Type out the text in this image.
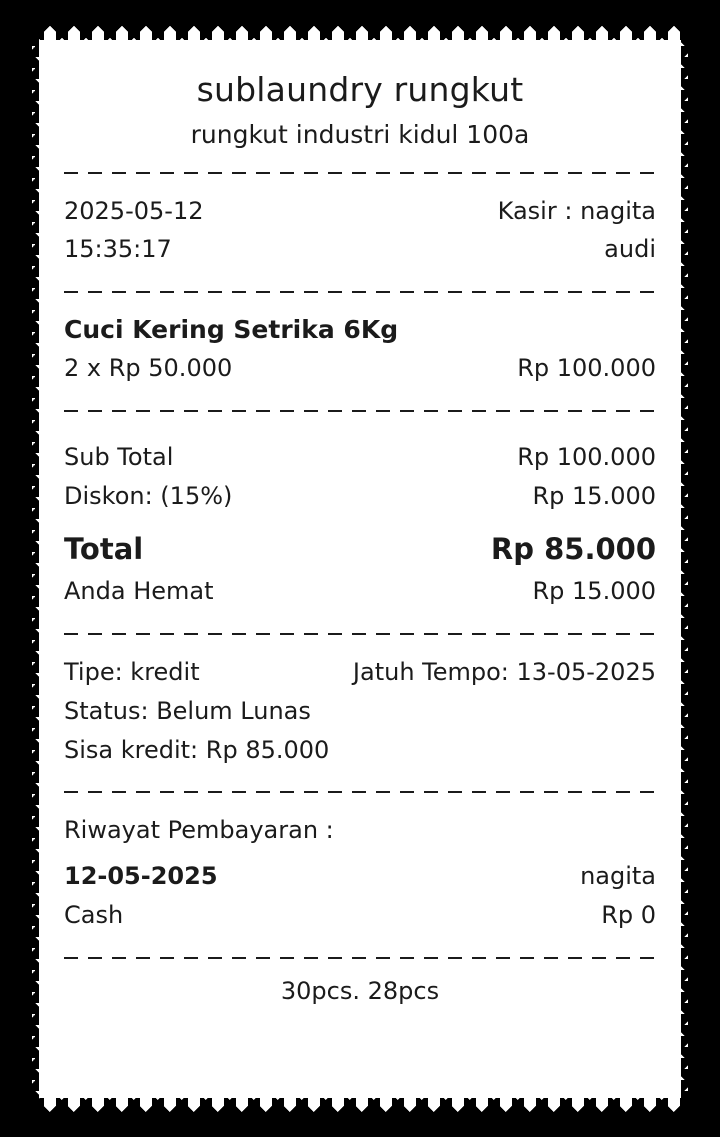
sublaundry rungkut
rungkut industri kidul 100a
2025-05-12	Kasir : nagita
15:35:17	audi
Cuci Kering Setrika 6Kg
2 x Rp 50.000	Rp 100.000
Sub Total	Rp 100.000
Diskon: (15%)	Rp 15.000
Total	Rp 85.000
Anda Hemat	Rp 15.000
Tipe: kredit	Jatuh Tempo: 13-05-2025
Status: Belum Lunas
Sisa kredit: Rp 85.000
Riwayat Pembayaran :
12-05-2025	nagita
Cash	Rp 0
30pcs. 28pcs
